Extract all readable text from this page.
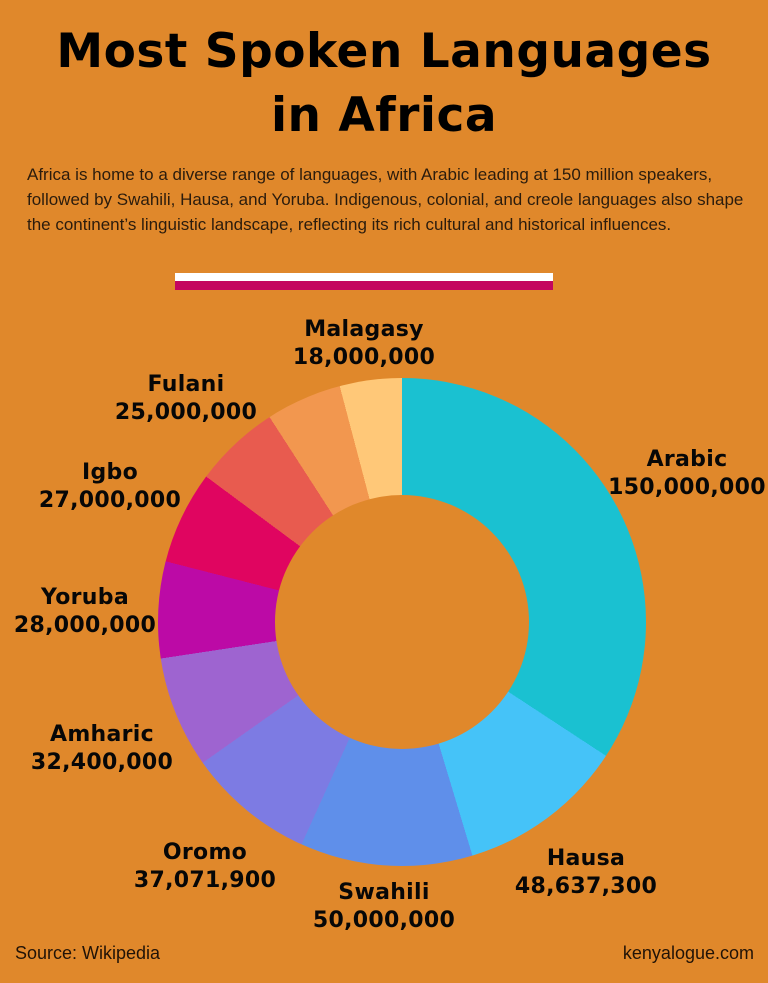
Most Spoken Languages
in Africa
Africa is home to a diverse range of languages, with Arabic leading at 150 million speakers, followed by Swahili, Hausa, and Yoruba. Indigenous, colonial, and creole languages also shape the continent’s linguistic landscape, reflecting its rich cultural and historical influences.
Arabic
150,000,000
Hausa
48,637,300
Swahili
50,000,000
Oromo
37,071,900
Amharic
32,400,000
Yoruba
28,000,000
Igbo
27,000,000
Fulani
25,000,000
Malagasy
18,000,000
Source: Wikipedia	kenyalogue.com
